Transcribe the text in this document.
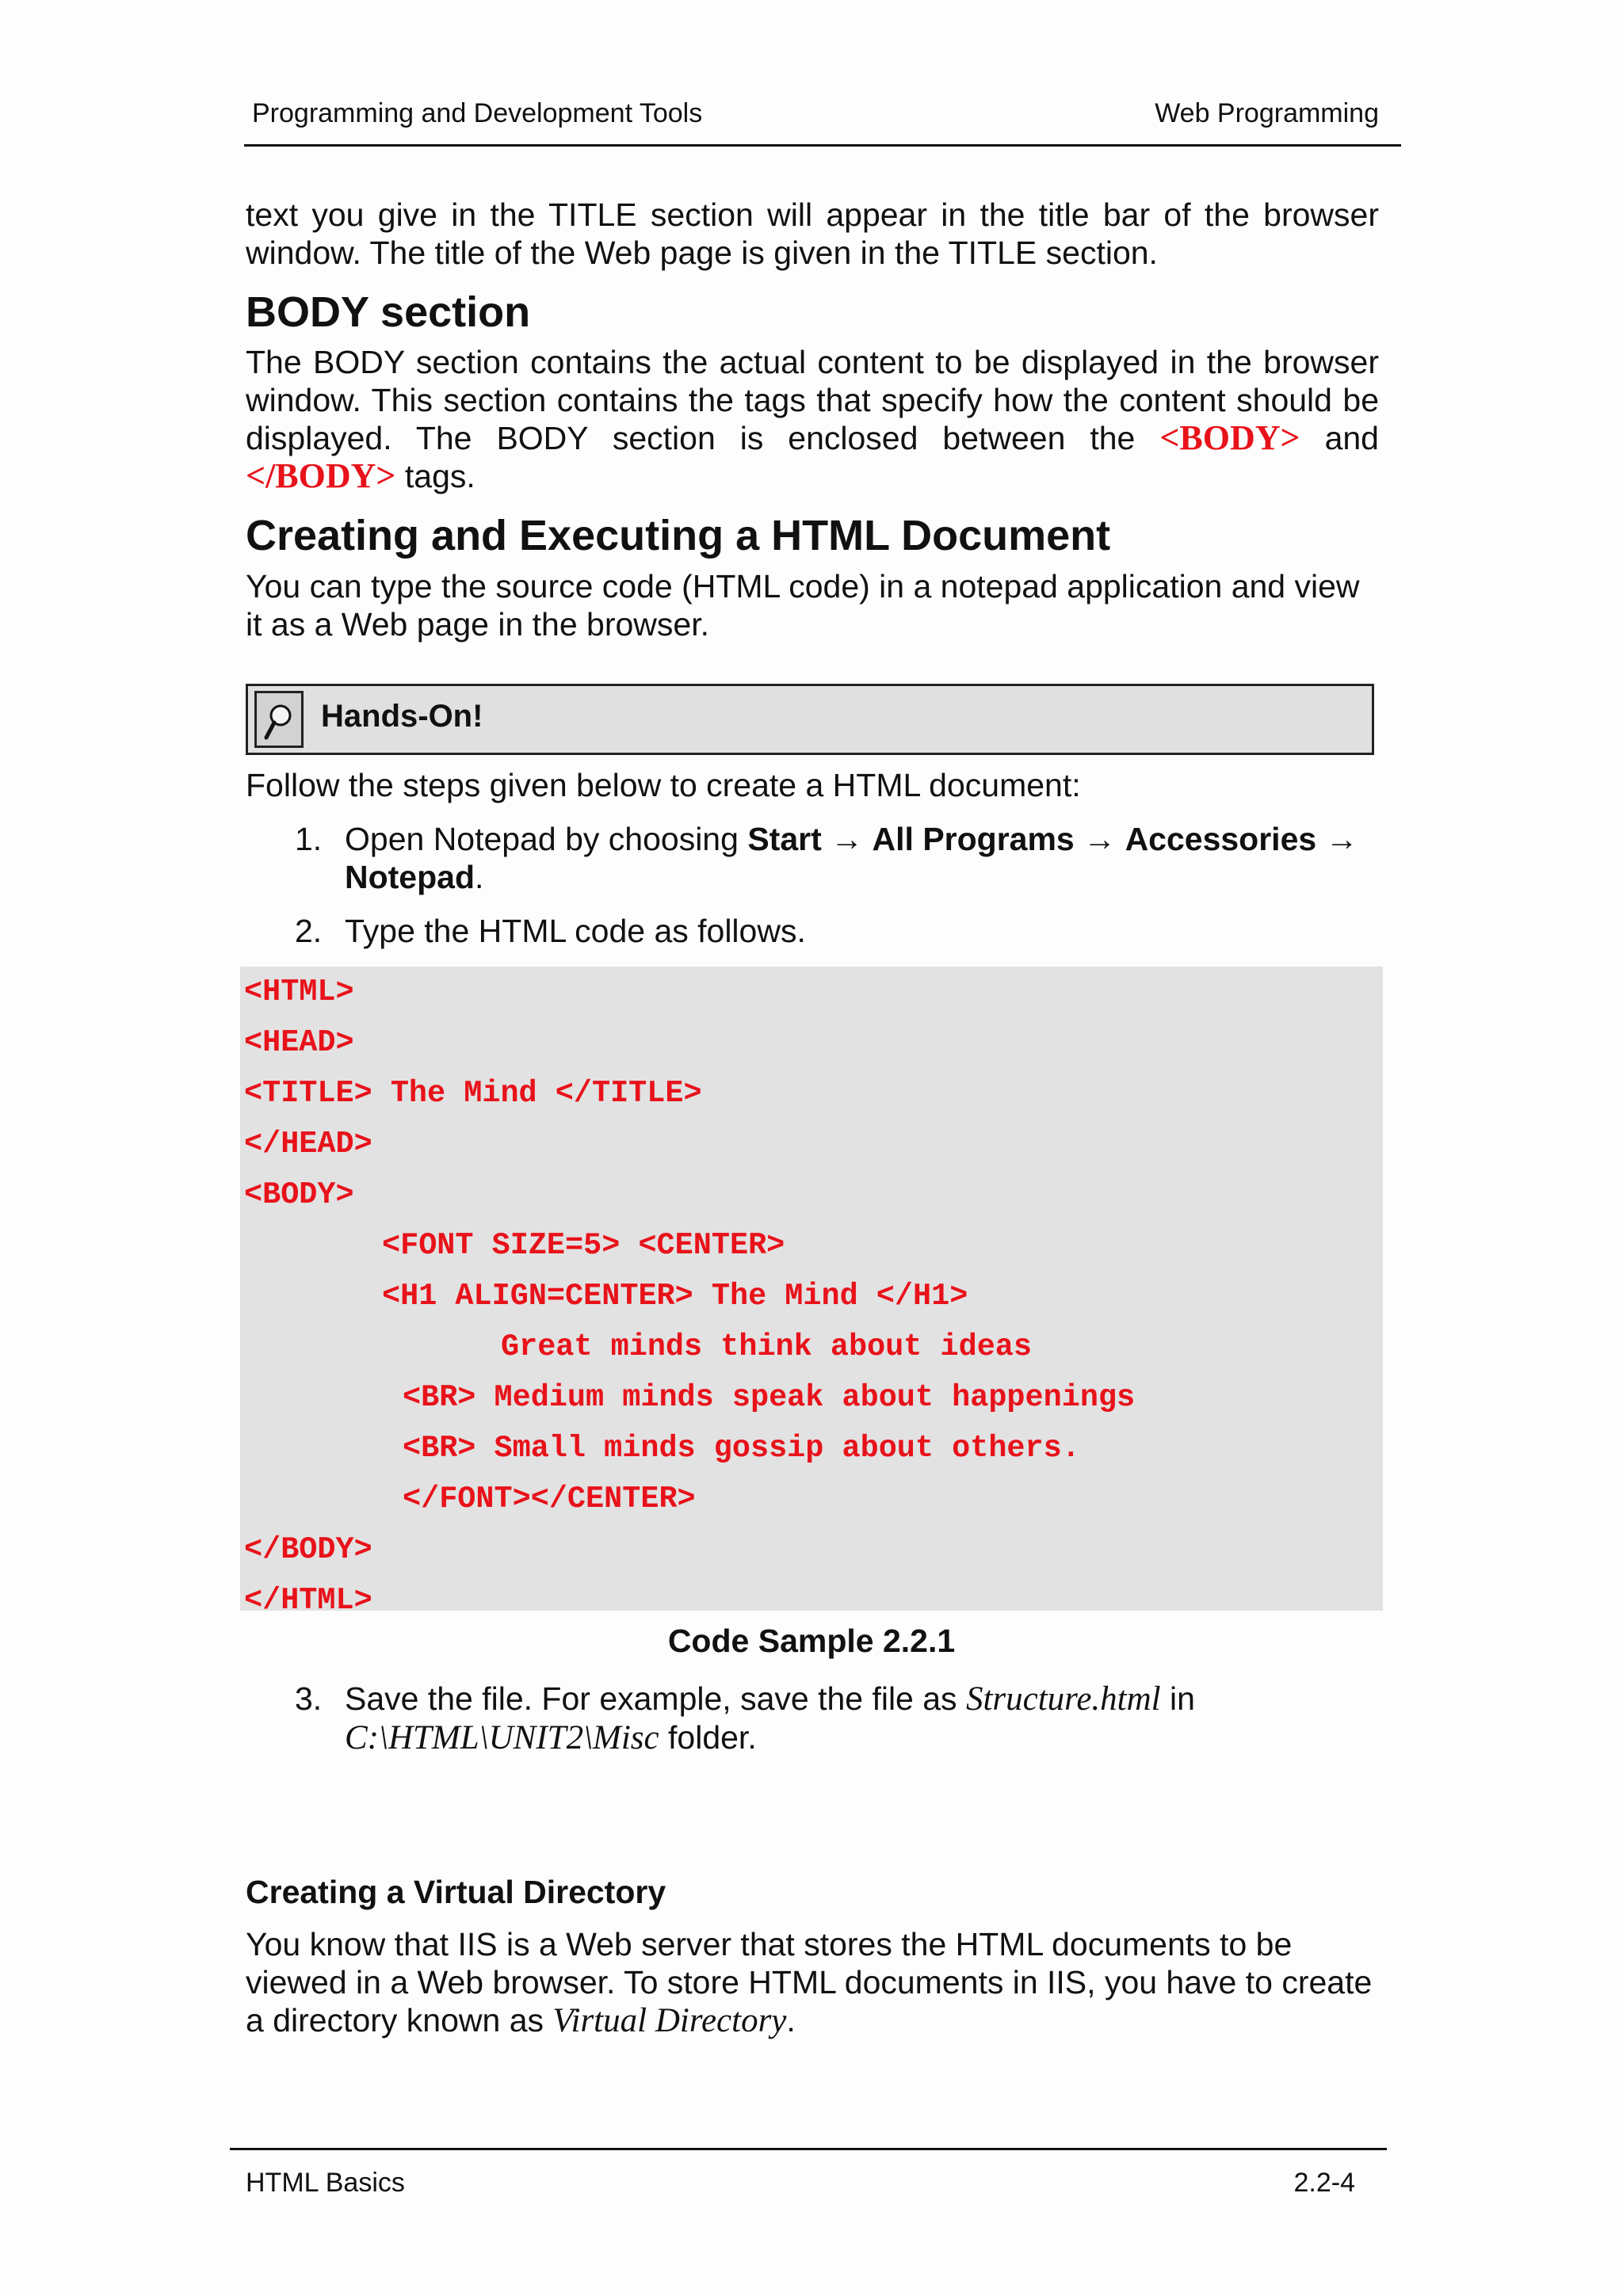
Programming and Development Tools	Web Programming

text you give in the TITLE section will appear in the title bar of the browser window. The title of the Web page is given in the TITLE section.

BODY section

The BODY section contains the actual content to be displayed in the browser window. This section contains the tags that specify how the content should be displayed. The BODY section is enclosed between the <BODY> and </BODY> tags.

Creating and Executing a HTML Document

You can type the source code (HTML code) in a notepad application and view it as a Web page in the browser.

Hands-On!

Follow the steps given below to create a HTML document:

1. Open Notepad by choosing Start → All Programs → Accessories → Notepad.
2. Type the HTML code as follows.
<HTML>
<HEAD>
<TITLE> The Mind </TITLE>
</HEAD>
<BODY>
<FONT SIZE=5> <CENTER>
<H1 ALIGN=CENTER> The Mind </H1>
Great minds think about ideas
<BR> Medium minds speak about happenings
<BR> Small minds gossip about others.
</FONT></CENTER>
</BODY>
</HTML>
Code Sample 2.2.1
3. Save the file. For example, save the file as Structure.html in
C:\HTML\UNIT2\Misc folder.
Creating a Virtual Directory

You know that IIS is a Web server that stores the HTML documents to be viewed in a Web browser. To store HTML documents in IIS, you have to create a directory known as Virtual Directory.

HTML Basics	2.2-4
